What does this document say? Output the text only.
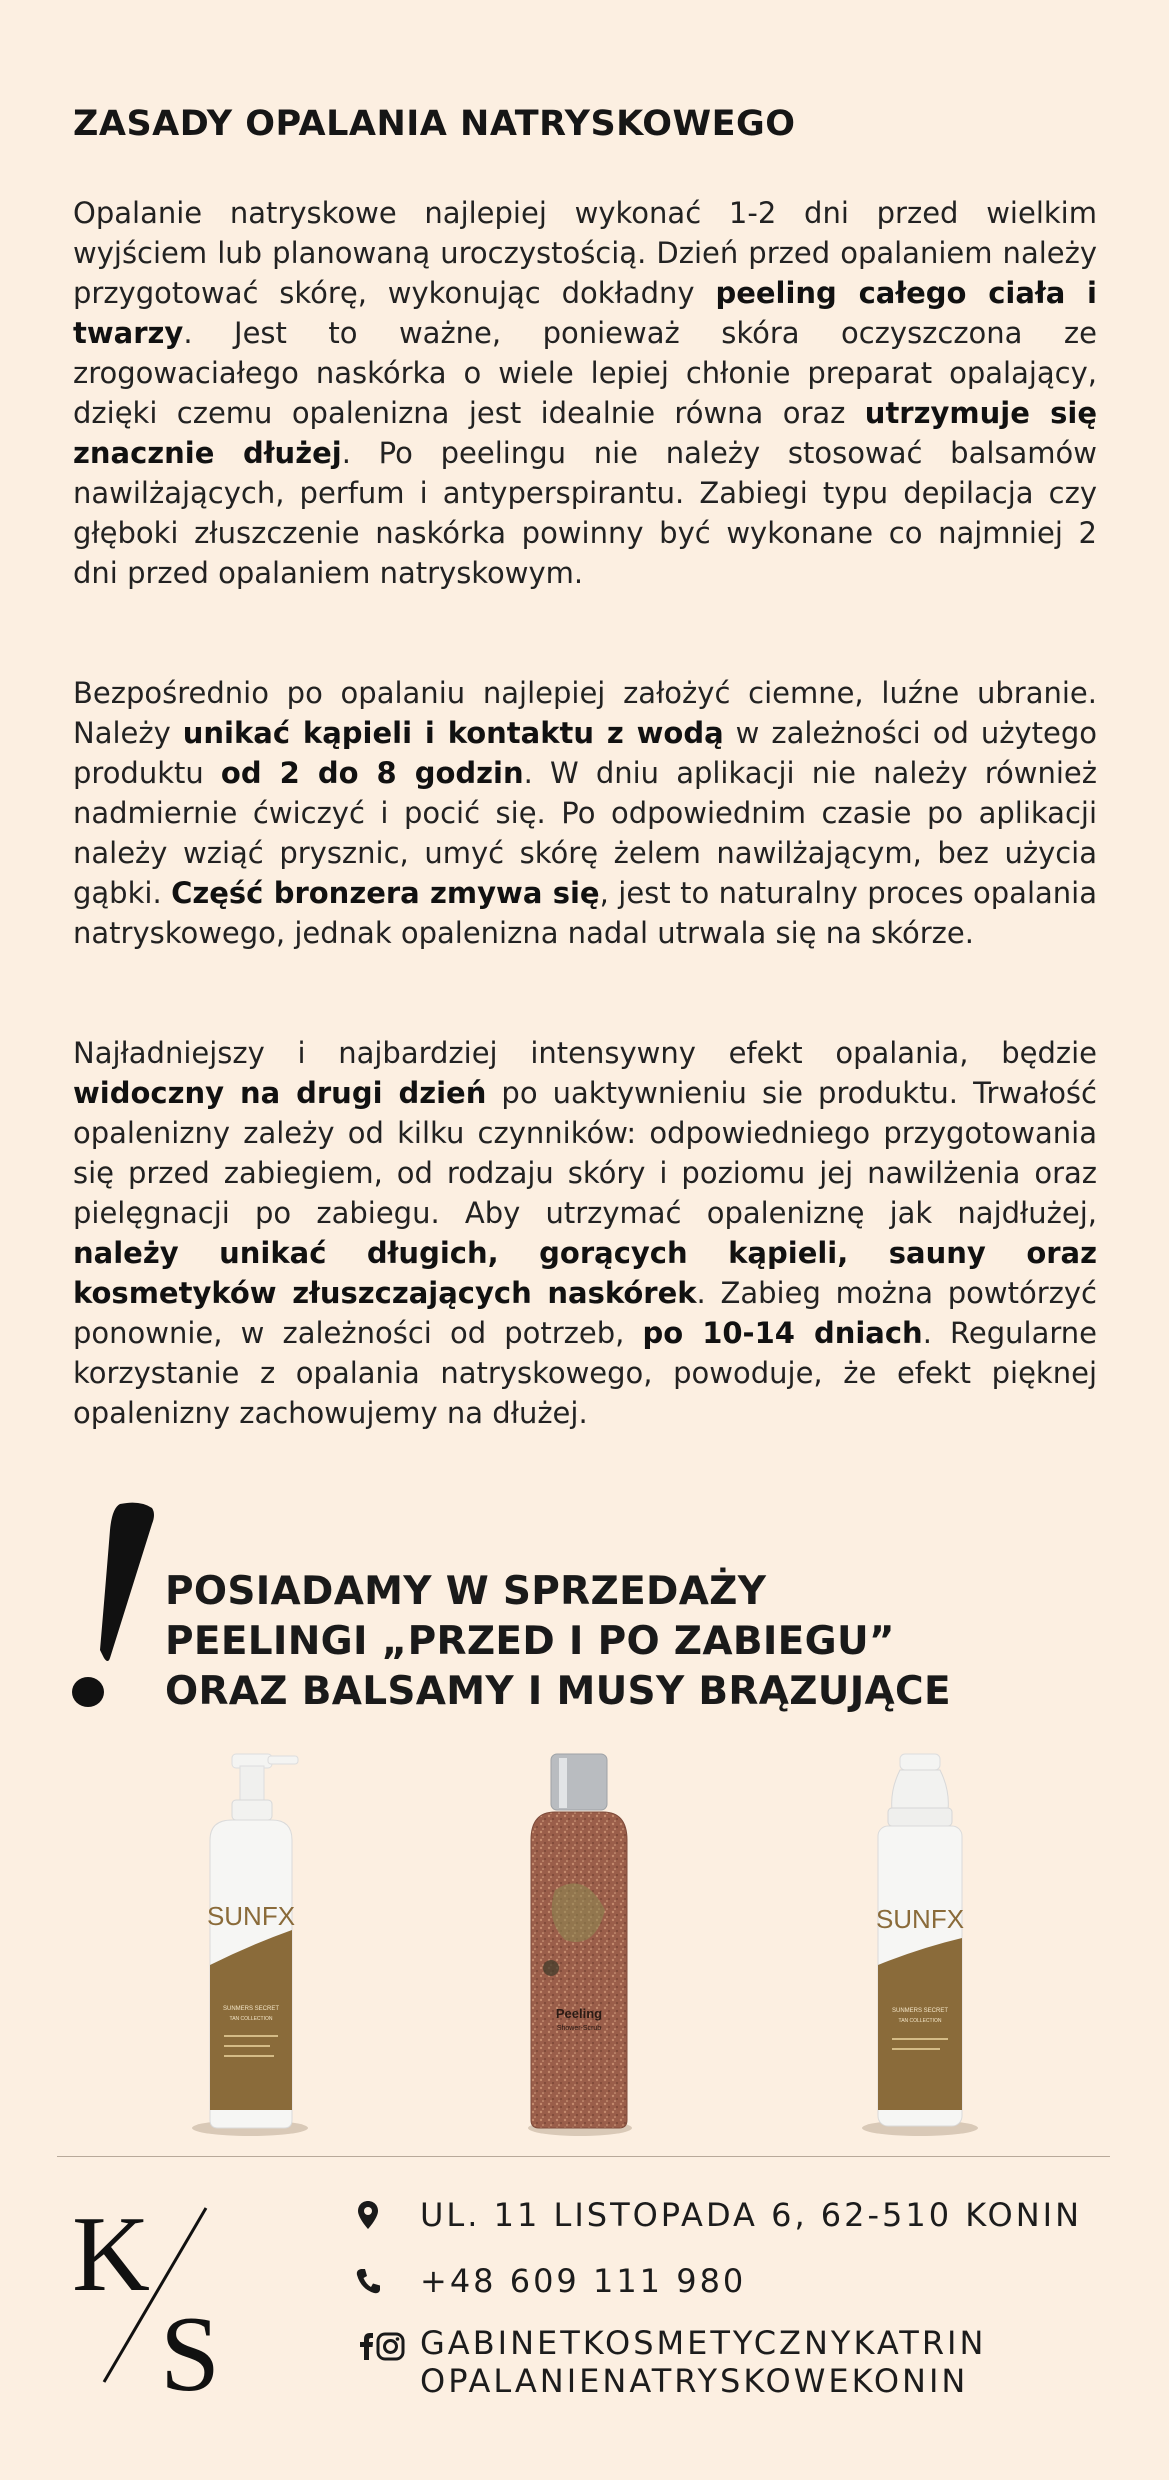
ZASADY OPALANIA NATRYSKOWEGO

Opalanie natryskowe najlepiej wykonać 1-2 dni przed wielkim wyjściem lub planowaną uroczystością. Dzień przed opalaniem należy przygotować skórę, wykonując dokładny peeling całego ciała i twarzy. Jest to ważne, ponieważ skóra oczyszczona ze zrogowaciałego naskórka o wiele lepiej chłonie preparat opalający, dzięki czemu opalenizna jest idealnie równa oraz utrzymuje się znacznie dłużej. Po peelingu nie należy stosować balsamów nawilżających, perfum i antyperspirantu. Zabiegi typu depilacja czy głęboki złuszczenie naskórka powinny być wykonane co najmniej 2 dni przed opalaniem natryskowym.

Bezpośrednio po opalaniu najlepiej założyć ciemne, luźne ubranie. Należy unikać kąpieli i kontaktu z wodą w zależności od użytego produktu od 2 do 8 godzin. W dniu aplikacji nie należy również nadmiernie ćwiczyć i pocić się. Po odpowiednim czasie po aplikacji należy wziąć prysznic, umyć skórę żelem nawilżającym, bez użycia gąbki. Część bronzera zmywa się, jest to naturalny proces opalania natryskowego, jednak opalenizna nadal utrwala się na skórze.

Najładniejszy i najbardziej intensywny efekt opalania, będzie widoczny na drugi dzień po uaktywnieniu sie produktu. Trwałość opalenizny zależy od kilku czynników: odpowiedniego przygotowania się przed zabiegiem, od rodzaju skóry i poziomu jej nawilżenia oraz pielęgnacji po zabiegu. Aby utrzymać opaleniznę jak najdłużej, należy unikać długich, gorących kąpieli, sauny oraz kosmetyków złuszczających naskórek. Zabieg można powtórzyć ponownie, w zależności od potrzeb, po 10-14 dniach. Regularne korzystanie z opalania natryskowego, powoduje, że efekt pięknej opalenizny zachowujemy na dłużej.

POSIADAMY W SPRZEDAŻY
PEELINGI „PRZED I PO ZABIEGU”
ORAZ BALSAMY I MUSY BRĄZUJĄCE
SUNFX
SUNMERS SECRET
TAN COLLECTION	Peeling
Shower-Scrub
SUNFX
SUNMERS SECRET
TAN COLLECTION
K
S
UL. 11 LISTOPADA 6, 62-510 KONIN
+48 609 111 980
GABINETKOSMETYCZNYKATRIN
OPALANIENATRYSKOWEKONIN
